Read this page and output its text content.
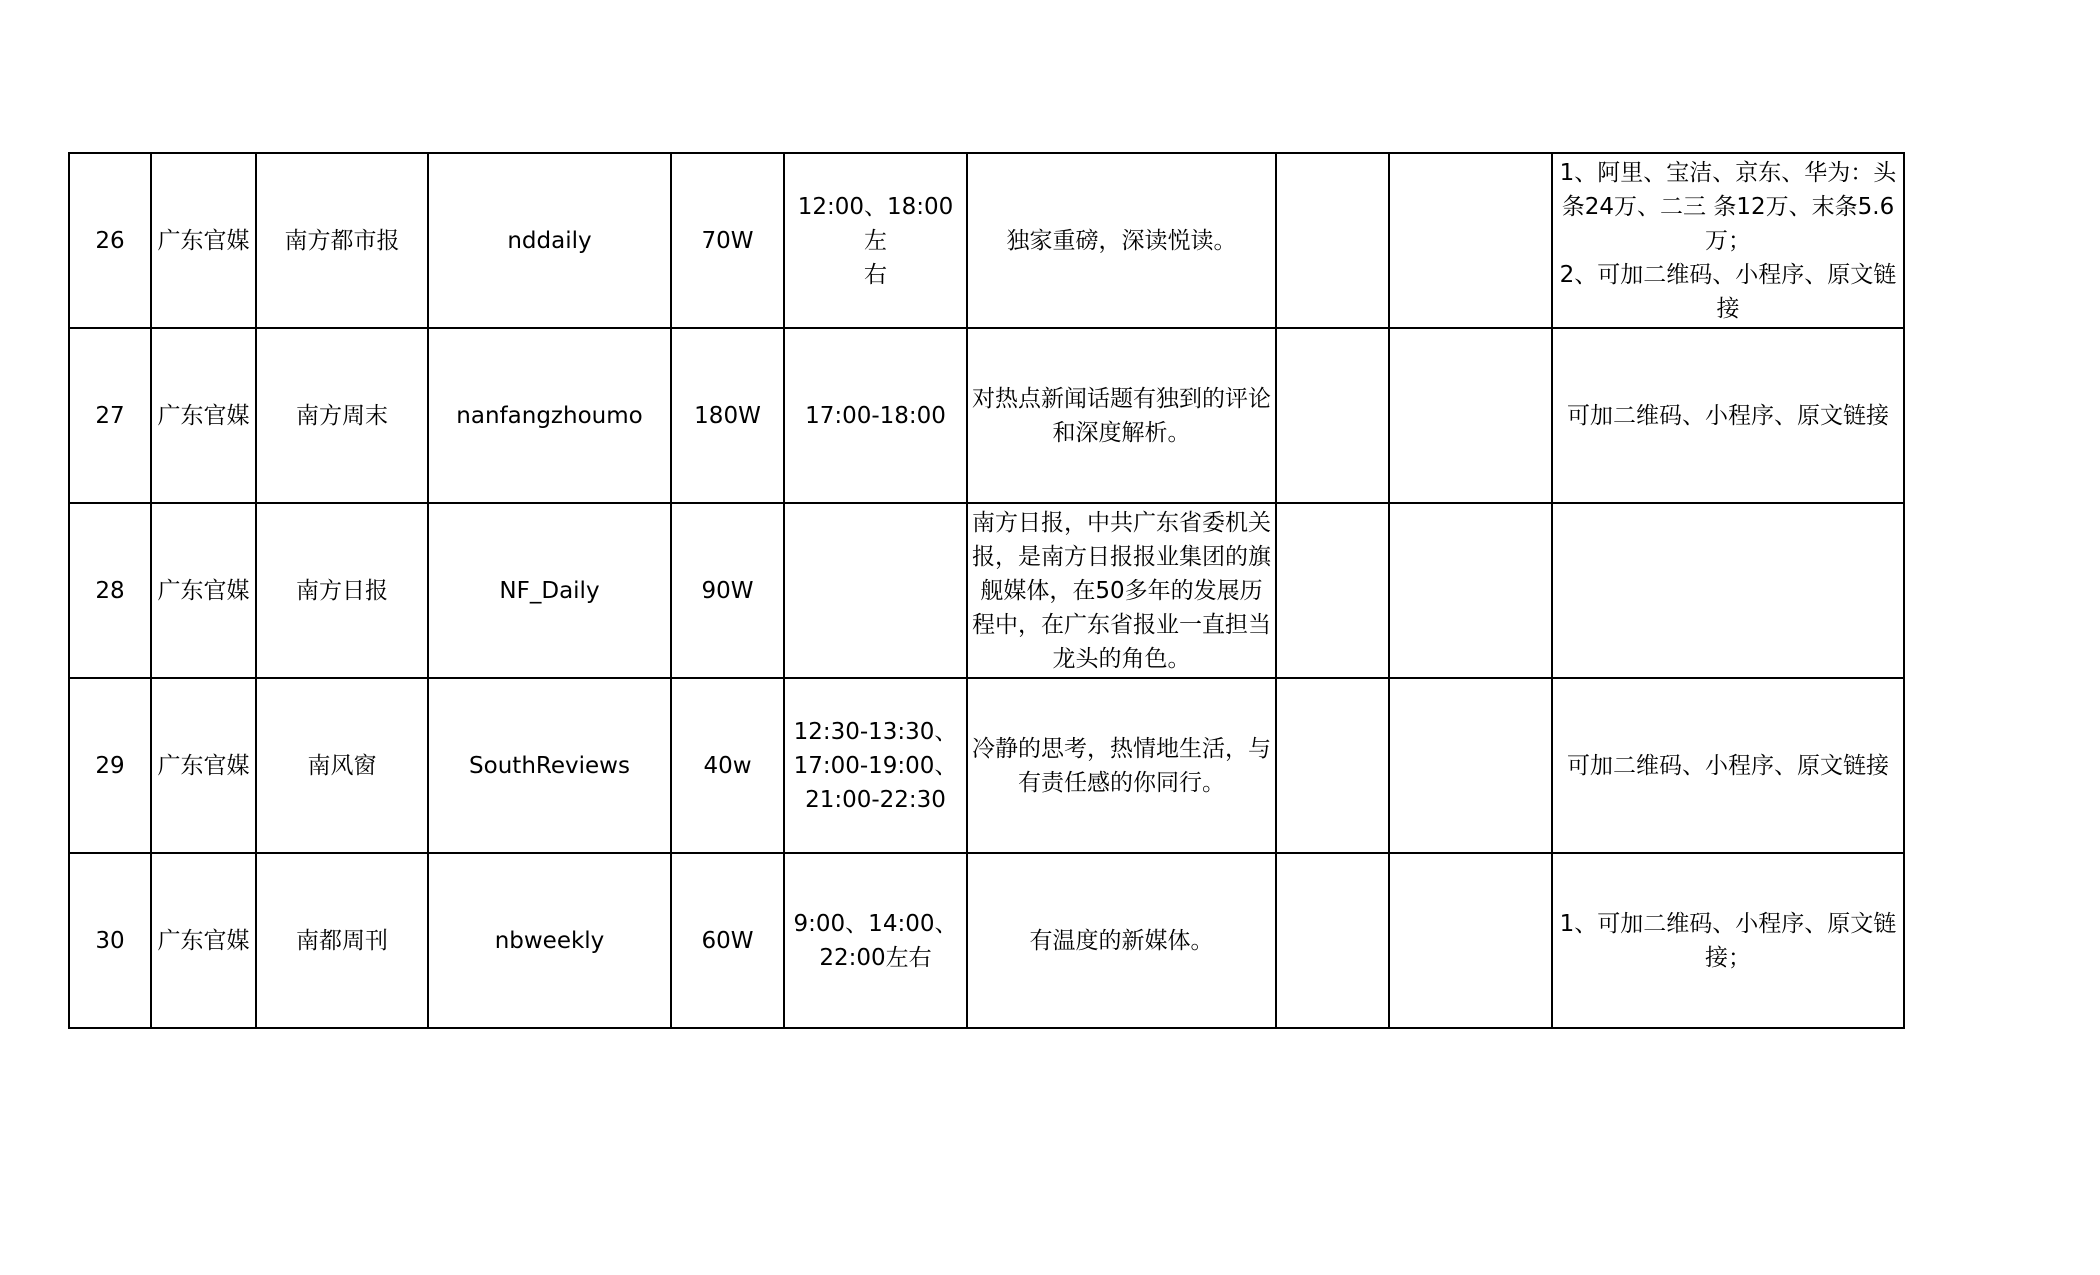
26	广东官媒	南方都市报	nddaily	70W	12:00、18:00左
右	独家重磅，深读悦读。			1、阿里、宝洁、京东、华为：头
条24万、二三 条12万、末条5.6
万；
2、可加二维码、小程序、原文链
接

27	广东官媒	南方周末	nanfangzhoumo	180W	17:00-18:00	对热点新闻话题有独到的评论
和深度解析。			可加二维码、小程序、原文链接

28	广东官媒	南方日报	NF_Daily	90W		南方日报，中共广东省委机关
报，是南方日报报业集团的旗
舰媒体，在50多年的发展历
程中，在广东省报业一直担当
龙头的角色。			

29	广东官媒	南风窗	SouthReviews	40w	12:30-13:30、
17:00-19:00、
21:00-22:30	冷静的思考，热情地生活，与
有责任感的你同行。			可加二维码、小程序、原文链接

30	广东官媒	南都周刊	nbweekly	60W	9:00、14:00、
22:00左右	有温度的新媒体。			1、可加二维码、小程序、原文链
接；
